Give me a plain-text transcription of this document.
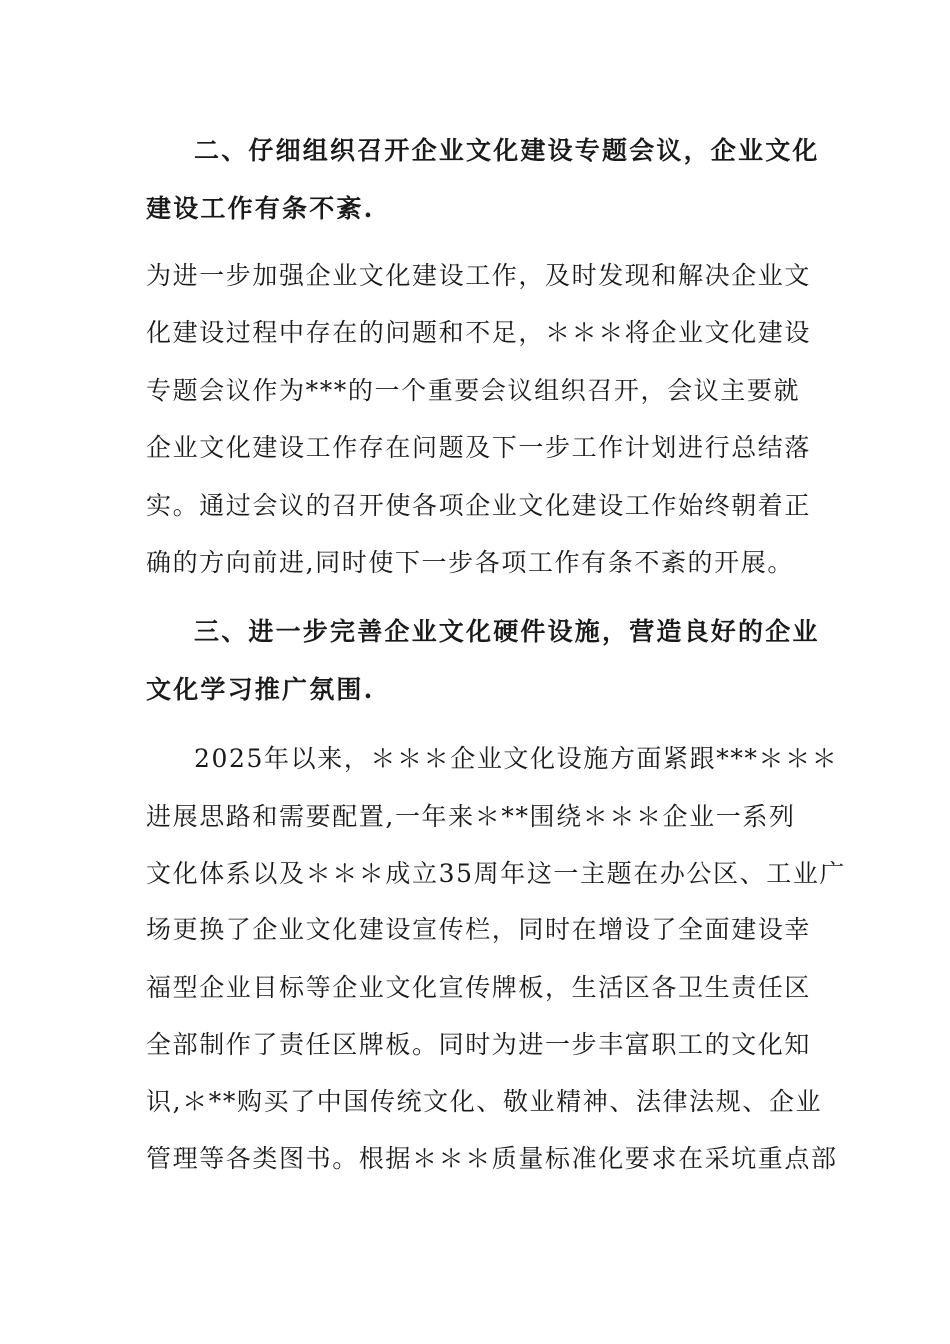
二、仔细组织召开企业文化建设专题会议，企业文化
建设工作有条不紊.
为进一步加强企业文化建设工作，及时发现和解决企业文
化建设过程中存在的问题和不足，＊＊＊将企业文化建设
专题会议作为***的一个重要会议组织召开，会议主要就
企业文化建设工作存在问题及下一步工作计划进行总结落
实。通过会议的召开使各项企业文化建设工作始终朝着正
确的方向前进,同时使下一步各项工作有条不紊的开展。
三、进一步完善企业文化硬件设施，营造良好的企业
文化学习推广氛围.
2025年以来，＊＊＊企业文化设施方面紧跟***＊＊＊
进展思路和需要配置,一年来＊**围绕＊＊＊企业一系列
文化体系以及＊＊＊成立35周年这一主题在办公区、工业广
场更换了企业文化建设宣传栏，同时在增设了全面建设幸
福型企业目标等企业文化宣传牌板，生活区各卫生责任区
全部制作了责任区牌板。同时为进一步丰富职工的文化知
识,＊**购买了中国传统文化、敬业精神、法律法规、企业
管理等各类图书。根据＊＊＊质量标准化要求在采坑重点部
